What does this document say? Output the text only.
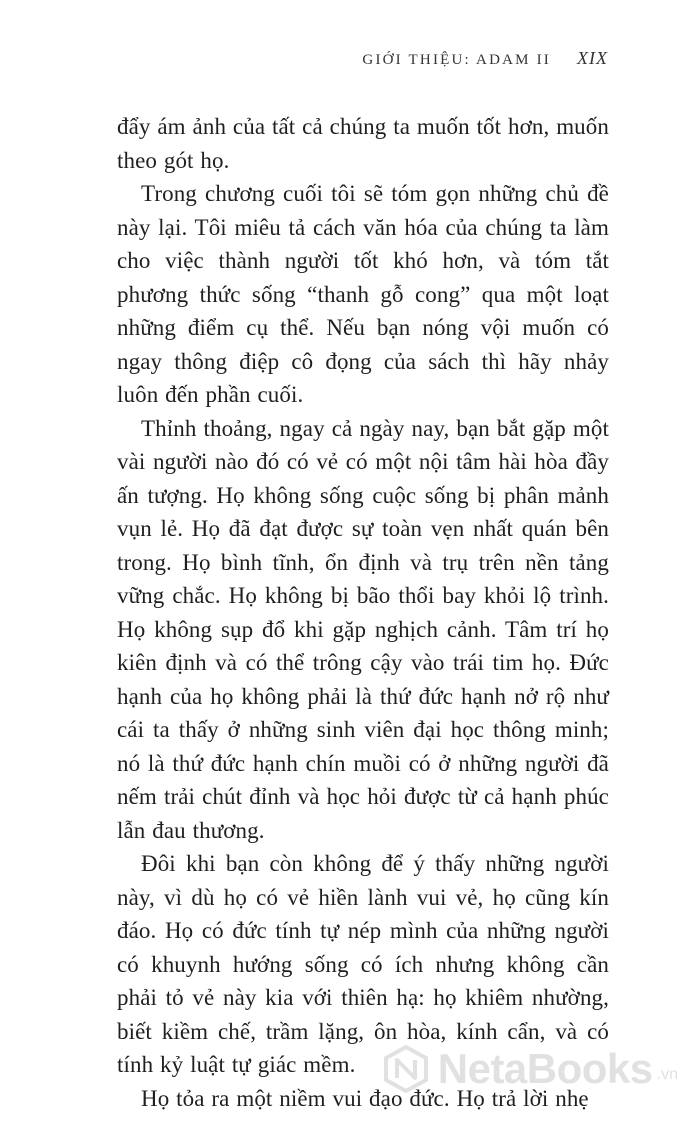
GIỚI THIỆU: ADAM II XIX

đẩy ám ảnh của tất cả chúng ta muốn tốt hơn, muốn theo gót họ.

Trong chương cuối tôi sẽ tóm gọn những chủ đề này lại. Tôi miêu tả cách văn hóa của chúng ta làm cho việc thành người tốt khó hơn, và tóm tắt phương thức sống “thanh gỗ cong” qua một loạt những điểm cụ thể. Nếu bạn nóng vội muốn có ngay thông điệp cô đọng của sách thì hãy nhảy luôn đến phần cuối.

Thỉnh thoảng, ngay cả ngày nay, bạn bắt gặp một vài người nào đó có vẻ có một nội tâm hài hòa đầy ấn tượng. Họ không sống cuộc sống bị phân mảnh vụn lẻ. Họ đã đạt được sự toàn vẹn nhất quán bên trong. Họ bình tĩnh, ổn định và trụ trên nền tảng vững chắc. Họ không bị bão thổi bay khỏi lộ trình. Họ không sụp đổ khi gặp nghịch cảnh. Tâm trí họ kiên định và có thể trông cậy vào trái tim họ. Đức hạnh của họ không phải là thứ đức hạnh nở rộ như cái ta thấy ở những sinh viên đại học thông minh; nó là thứ đức hạnh chín muồi có ở những người đã nếm trải chút đỉnh và học hỏi được từ cả hạnh phúc lẫn đau thương.

Đôi khi bạn còn không để ý thấy những người này, vì dù họ có vẻ hiền lành vui vẻ, họ cũng kín đáo. Họ có đức tính tự nép mình của những người có khuynh hướng sống có ích nhưng không cần phải tỏ vẻ này kia với thiên hạ: họ khiêm nhường, biết kiềm chế, trầm lặng, ôn hòa, kính cẩn, và có tính kỷ luật tự giác mềm.

Họ tỏa ra một niềm vui đạo đức. Họ trả lời nhẹ

NetaBooks .vn
